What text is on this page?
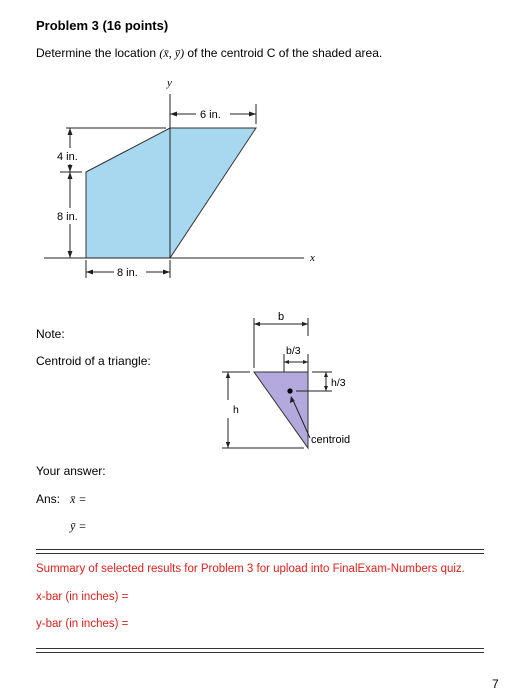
Problem 3 (16 points)
Determine the location (x̄, ȳ) of the centroid C of the shaded area.
x
y
6 in.
4 in.
8 in.
8 in.
Note:
Centroid of a triangle:
b
b/3
centroid
h
h/3
Your answer:
Ans: x̄ =
ȳ =
Summary of selected results for Problem 3 for upload into FinalExam-Numbers quiz.
x-bar (in inches) =
y-bar (in inches) =
7
